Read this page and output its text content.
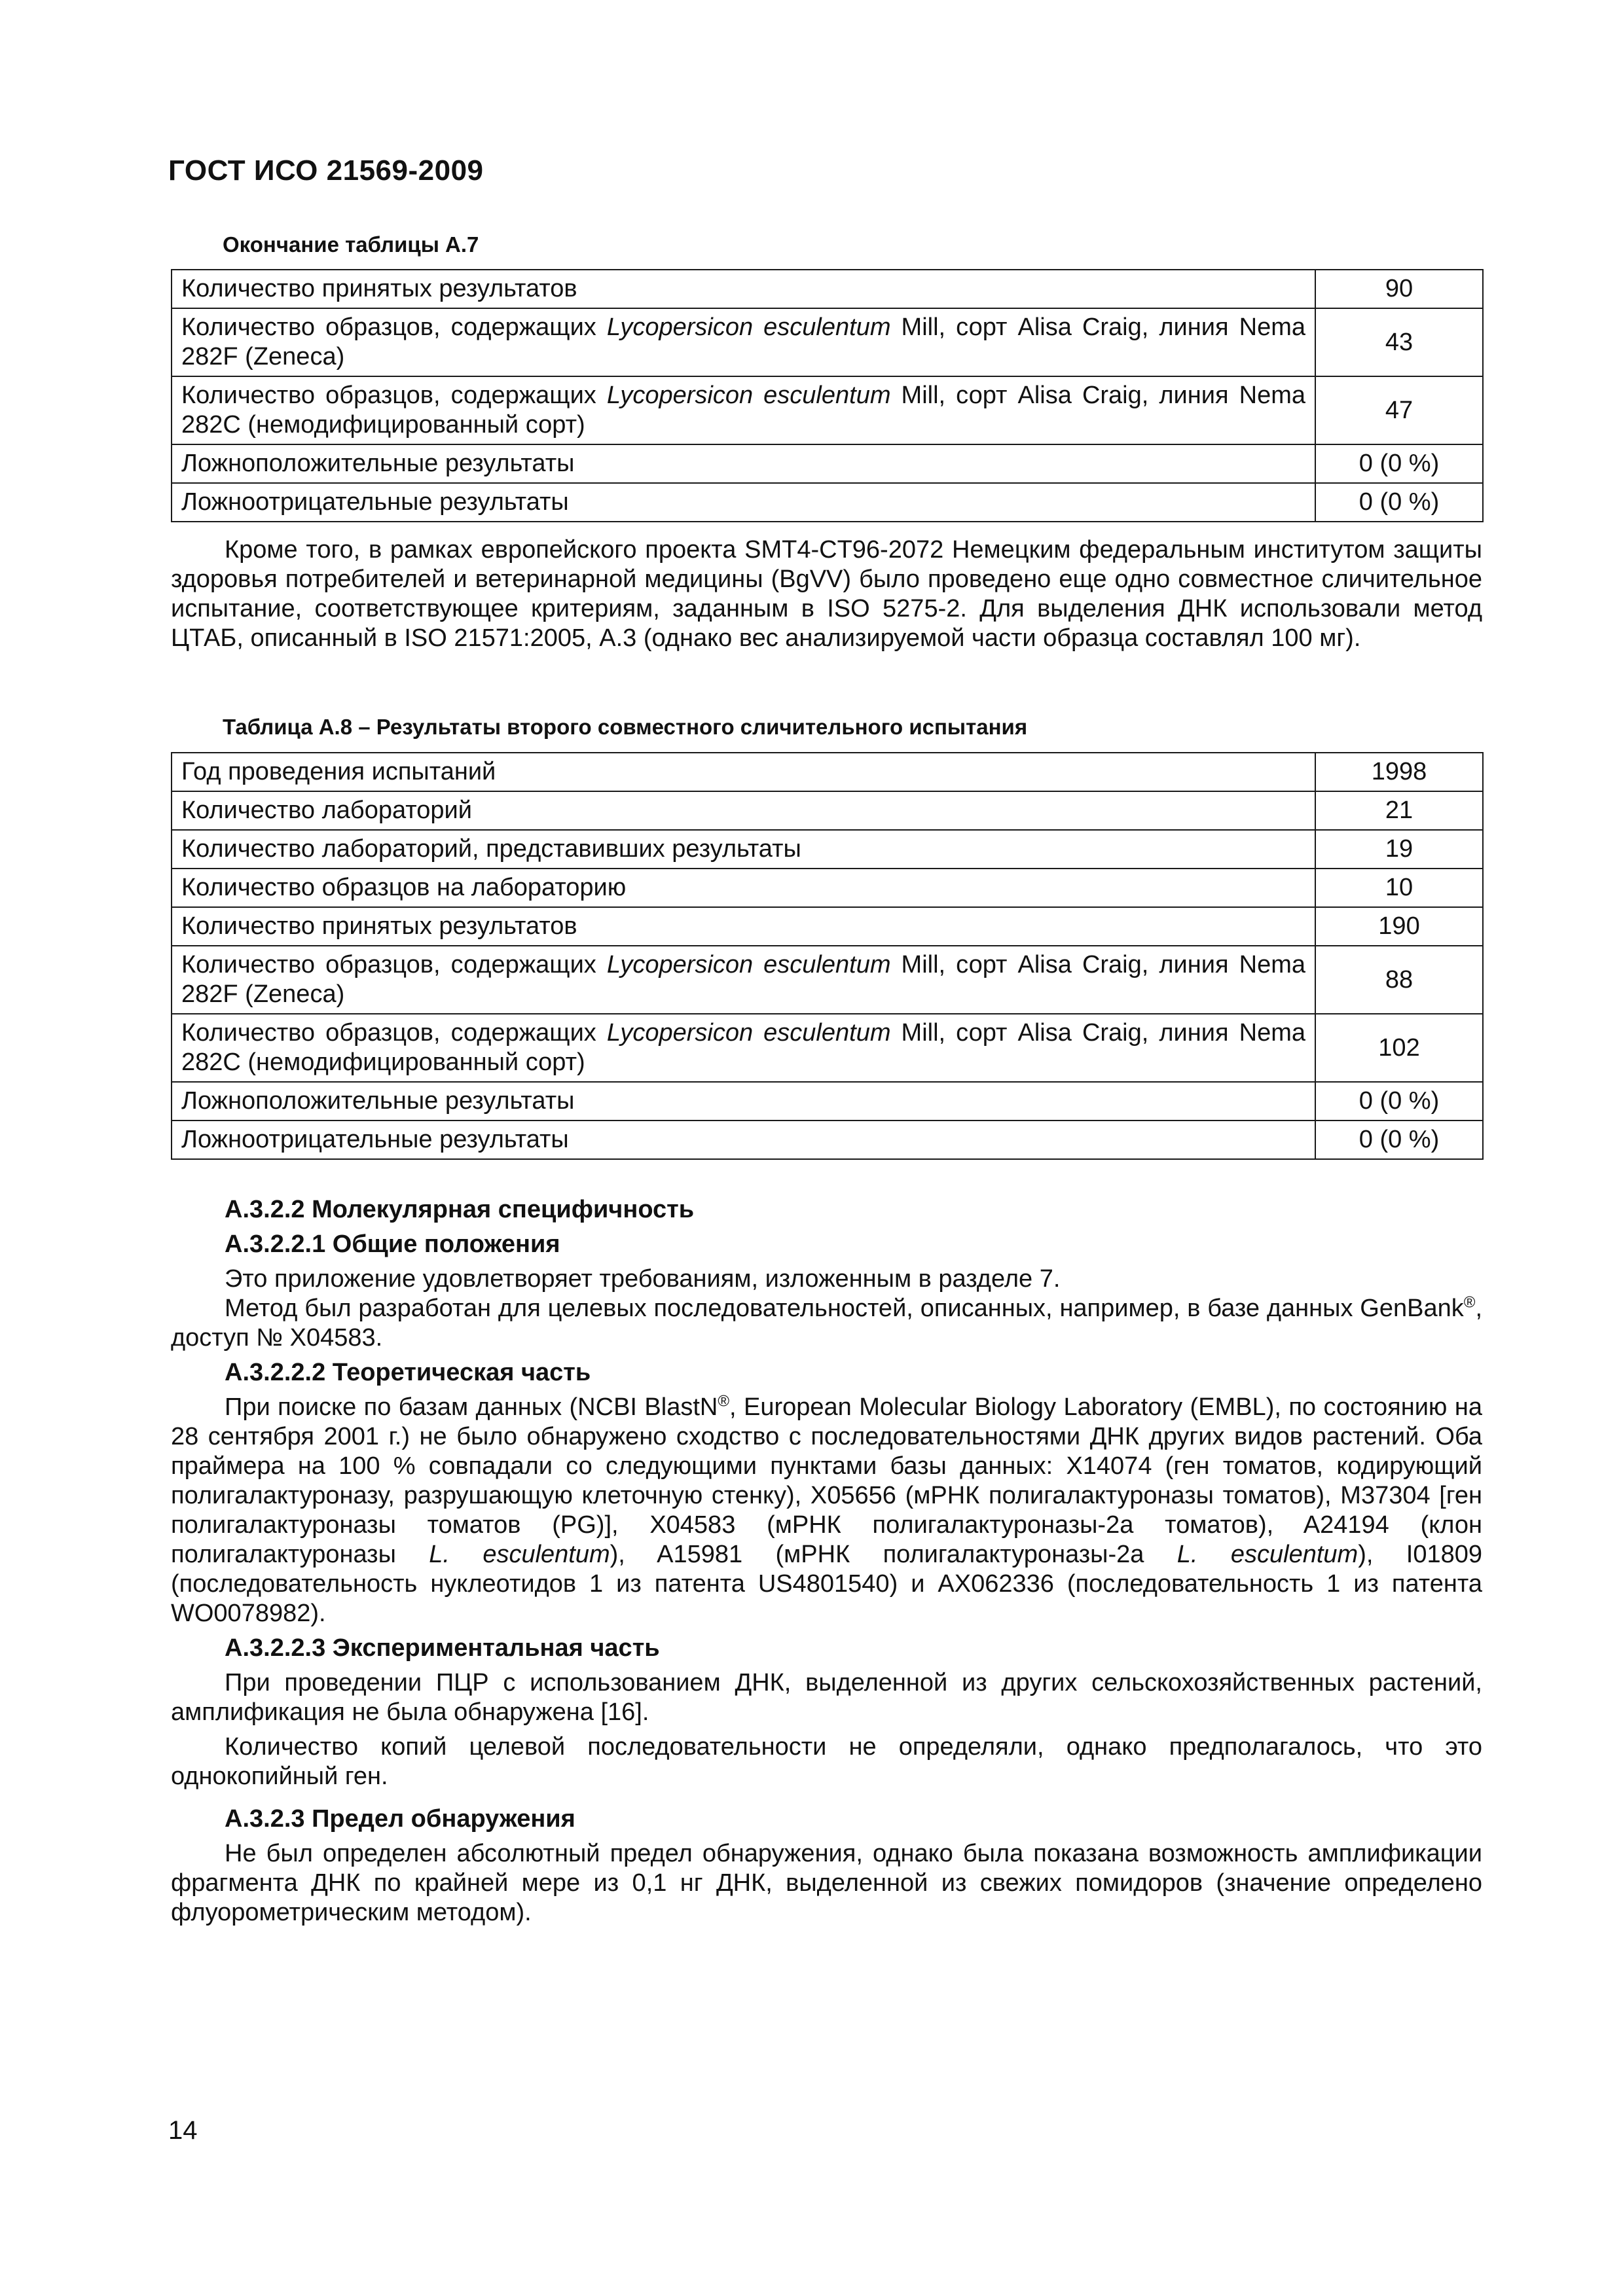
ГОСТ ИСО 21569-2009
Окончание таблицы А.7
Количество принятых результатов	90
Количество образцов, содержащих Lycopersicon esculentum Mill, сорт Alisa Craig, линия Nema 282F (Zeneca)	43
Количество образцов, содержащих Lycopersicon esculentum Mill, сорт Alisa Craig, линия Nema 282C (немодифицированный сорт)	47
Ложноположительные результаты	0 (0 %)
Ложноотрицательные результаты	0 (0 %)

Кроме того, в рамках европейского проекта SMT4-CT96-2072 Немецким федеральным институтом защиты здоровья потребителей и ветеринарной медицины (BgVV) было проведено еще одно совместное сличительное испытание, соответствующее критериям, заданным в ISO 5275-2. Для выделения ДНК использовали метод ЦТАБ, описанный в ISO 21571:2005, А.3 (однако вес анализируемой части образца составлял 100 мг).

Таблица А.8 – Результаты второго совместного сличительного испытания
Год проведения испытаний	1998
Количество лабораторий	21
Количество лабораторий, представивших результаты	19
Количество образцов на лабораторию	10
Количество принятых результатов	190
Количество образцов, содержащих Lycopersicon esculentum Mill, сорт Alisa Craig, линия Nema 282F (Zeneca)	88
Количество образцов, содержащих Lycopersicon esculentum Mill, сорт Alisa Craig, линия Nema 282C (немодифицированный сорт)	102
Ложноположительные результаты	0 (0 %)
Ложноотрицательные результаты	0 (0 %)
А.3.2.2 Молекулярная специфичность
А.3.2.2.1 Общие положения

Это приложение удовлетворяет требованиям, изложенным в разделе 7.

Метод был разработан для целевых последовательностей, описанных, например, в базе данных GenBank®, доступ № X04583.

А.3.2.2.2 Теоретическая часть

При поиске по базам данных (NCBI BlastN®, European Molecular Biology Laboratory (EMBL), по состоянию на 28 сентября 2001 г.) не было обнаружено сходство с последовательностями ДНК других видов растений. Оба праймера на 100 % совпадали со следующими пунктами базы данных: X14074 (ген томатов, кодирующий полигалактуроназу, разрушающую клеточную стенку), X05656 (мРНК полигалактуроназы томатов), M37304 [ген полигалактуроназы томатов (PG)], X04583 (мРНК полигалактуроназы-2a томатов), A24194 (клон полигалактуроназы L. esculentum), A15981 (мРНК полигалактуроназы-2a L. esculentum), I01809 (последовательность нуклеотидов 1 из патента US4801540) и AX062336 (последовательность 1 из патента WO0078982).

А.3.2.2.3 Экспериментальная часть

При проведении ПЦР с использованием ДНК, выделенной из других сельскохозяйственных растений, амплификация не была обнаружена [16].

Количество копий целевой последовательности не определяли, однако предполагалось, что это однокопийный ген.

А.3.2.3 Предел обнаружения

Не был определен абсолютный предел обнаружения, однако была показана возможность амплификации фрагмента ДНК по крайней мере из 0,1 нг ДНК, выделенной из свежих помидоров (значение определено флуорометрическим методом).

14
